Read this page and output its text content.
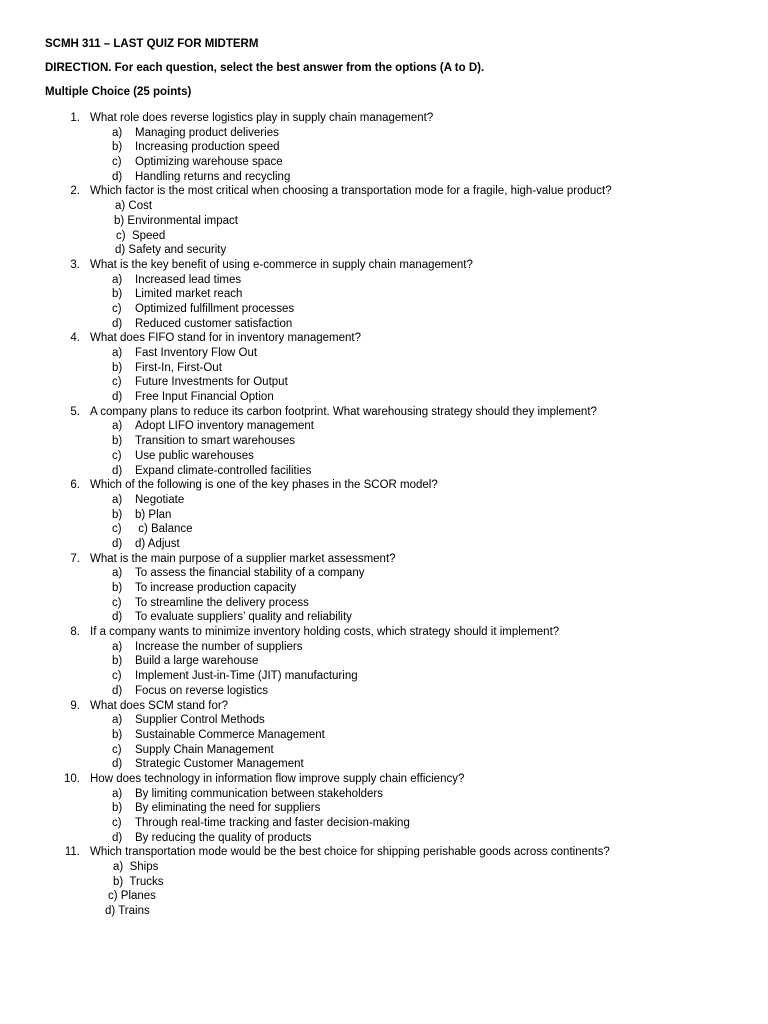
SCMH 311 – LAST QUIZ FOR MIDTERM
DIRECTION. For each question, select the best answer from the options (A to D).
Multiple Choice (25 points)
1. What role does reverse logistics play in supply chain management?
a) Managing product deliveries
b) Increasing production speed
c) Optimizing warehouse space
d) Handling returns and recycling
2. Which factor is the most critical when choosing a transportation mode for a fragile, high-value product?
a) Cost
b) Environmental impact
c)  Speed
d) Safety and security
3. What is the key benefit of using e-commerce in supply chain management?
a) Increased lead times
b) Limited market reach
c) Optimized fulfillment processes
d) Reduced customer satisfaction
4. What does FIFO stand for in inventory management?
a) Fast Inventory Flow Out
b) First-In, First-Out
c) Future Investments for Output
d) Free Input Financial Option
5. A company plans to reduce its carbon footprint. What warehousing strategy should they implement?
a) Adopt LIFO inventory management
b) Transition to smart warehouses
c) Use public warehouses
d) Expand climate-controlled facilities
6. Which of the following is one of the key phases in the SCOR model?
a) Negotiate
b) b) Plan
c) c) Balance
d) d) Adjust
7. What is the main purpose of a supplier market assessment?
a) To assess the financial stability of a company
b) To increase production capacity
c) To streamline the delivery process
d) To evaluate suppliers’ quality and reliability
8. If a company wants to minimize inventory holding costs, which strategy should it implement?
a) Increase the number of suppliers
b) Build a large warehouse
c) Implement Just-in-Time (JIT) manufacturing
d) Focus on reverse logistics
9. What does SCM stand for?
a) Supplier Control Methods
b) Sustainable Commerce Management
c) Supply Chain Management
d) Strategic Customer Management
10. How does technology in information flow improve supply chain efficiency?
a) By limiting communication between stakeholders
b) By eliminating the need for suppliers
c) Through real-time tracking and faster decision-making
d) By reducing the quality of products
11. Which transportation mode would be the best choice for shipping perishable goods across continents?
a)  Ships
b)  Trucks
c) Planes
d) Trains
